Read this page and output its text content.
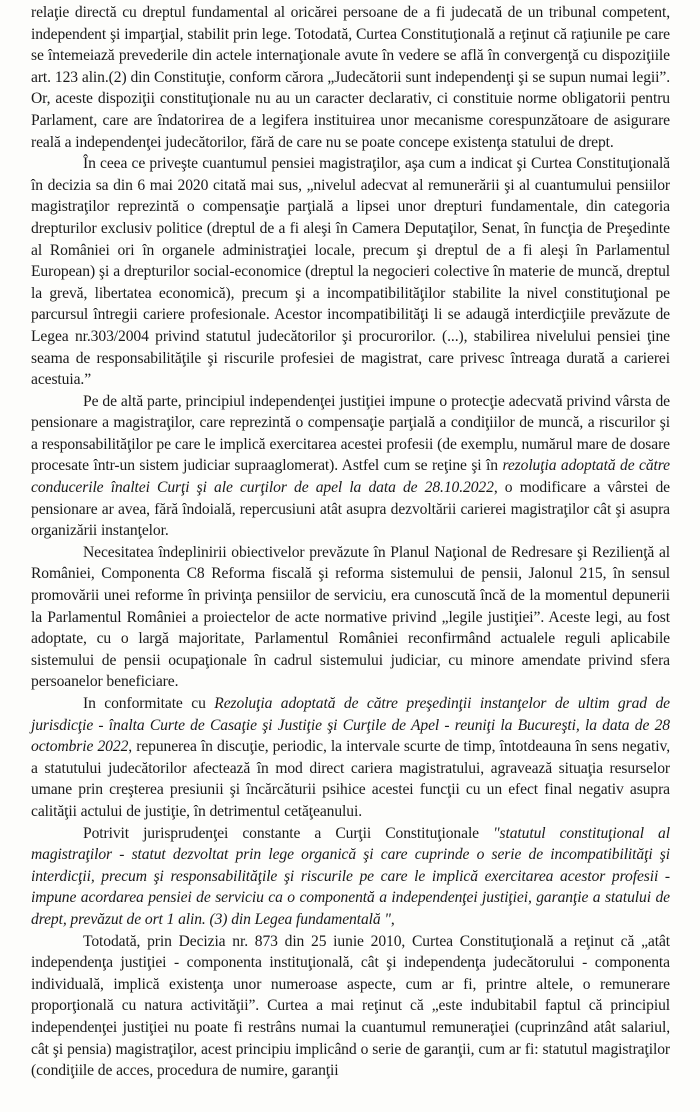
relaţie directă cu dreptul fundamental al oricărei persoane de a fi judecată de un tribunal competent, independent şi imparţial, stabilit prin lege. Totodată, Curtea Constituţională a reţinut că raţiunile pe care se întemeiază prevederile din actele internaţionale avute în vedere se află în convergenţă cu dispoziţiile art. 123 alin.(2) din Constituţie, conform cărora „Judecătorii sunt independenţi şi se supun numai legii”. Or, aceste dispoziţii constituţionale nu au un caracter declarativ, ci constituie norme obligatorii pentru Parlament, care are îndatorirea de a legifera instituirea unor mecanisme corespunzătoare de asigurare reală a independenţei judecătorilor, fără de care nu se poate concepe existenţa statului de drept.

În ceea ce priveşte cuantumul pensiei magistraţilor, aşa cum a indicat şi Curtea Constituţională în decizia sa din 6 mai 2020 citată mai sus, „nivelul adecvat al remunerării şi al cuantumului pensiilor magistraţilor reprezintă o compensaţie parţială a lipsei unor drepturi fundamentale, din categoria drepturilor exclusiv politice (dreptul de a fi aleşi în Camera Deputaţilor, Senat, în funcţia de Preşedinte al României ori în organele administraţiei locale, precum şi dreptul de a fi aleşi în Parlamentul European) şi a drepturilor social-economice (dreptul la negocieri colective în materie de muncă, dreptul la grevă, libertatea economică), precum şi a incompatibilităţilor stabilite la nivel constituţional pe parcursul întregii cariere profesionale. Acestor incompatibilităţi li se adaugă interdicţiile prevăzute de Legea nr.303/2004 privind statutul judecătorilor şi procurorilor. (...), stabilirea nivelului pensiei ţine seama de responsabilităţile şi riscurile profesiei de magistrat, care privesc întreaga durată a carierei acestuia.”

Pe de altă parte, principiul independenţei justiţiei impune o protecţie adecvată privind vârsta de pensionare a magistraţilor, care reprezintă o compensaţie parţială a condiţiilor de muncă, a riscurilor şi a responsabilităţilor pe care le implică exercitarea acestei profesii (de exemplu, numărul mare de dosare procesate într-un sistem judiciar supraaglomerat). Astfel cum se reţine şi în rezoluţia adoptată de către conducerile înaltei Curţi şi ale curţilor de apel la data de 28.10.2022, o modificare a vârstei de pensionare ar avea, fără îndoială, repercusiuni atât asupra dezvoltării carierei magistraţilor cât şi asupra organizării instanţelor.

Necesitatea îndeplinirii obiectivelor prevăzute în Planul Naţional de Redresare şi Rezilienţă al României, Componenta C8 Reforma fiscală şi reforma sistemului de pensii, Jalonul 215, în sensul promovării unei reforme în privinţa pensiilor de serviciu, era cunoscută încă de la momentul depunerii la Parlamentul României a proiectelor de acte normative privind „legile justiţiei”. Aceste legi, au fost adoptate, cu o largă majoritate, Parlamentul României reconfirmând actualele reguli aplicabile sistemului de pensii ocupaţionale în cadrul sistemului judiciar, cu minore amendate privind sfera persoanelor beneficiare.

In conformitate cu Rezoluţia adoptată de către preşedinţii instanţelor de ultim grad de jurisdicţie - înalta Curte de Casaţie şi Justiţie şi Curţile de Apel - reuniţi la Bucureşti, la data de 28 octombrie 2022, repunerea în discuţie, periodic, la intervale scurte de timp, întotdeauna în sens negativ, a statutului judecătorilor afectează în mod direct cariera magistratului, agravează situaţia resurselor umane prin creşterea presiunii şi încărcăturii psihice acestei funcţii cu un efect final negativ asupra calităţii actului de justiţie, în detrimentul cetăţeanului.

Potrivit jurisprudenţei constante a Curţii Constituţionale "statutul constituţional al magistraţilor - statut dezvoltat prin lege organică şi care cuprinde o serie de incompatibilităţi şi interdicţii, precum şi responsabilităţile şi riscurile pe care le implică exercitarea acestor profesii - impune acordarea pensiei de serviciu ca o componentă a independenţei justiţiei, garanţie a statului de drept, prevăzut de ort 1 alin. (3) din Legea fundamentală ",

Totodată, prin Decizia nr. 873 din 25 iunie 2010, Curtea Constituţională a reţinut că „atât independenţa justiţiei - componenta instituţională, cât şi independenţa judecătorului - componenta individuală, implică existenţa unor numeroase aspecte, cum ar fi, printre altele, o remunerare proporţională cu natura activităţii”. Curtea a mai reţinut că „este indubitabil faptul că principiul independenţei justiţiei nu poate fi restrâns numai la cuantumul remuneraţiei (cuprinzând atât salariul, cât şi pensia) magistraţilor, acest principiu implicând o serie de garanţii, cum ar fi: statutul magistraţilor (condiţiile de acces, procedura de numire, garanţii
